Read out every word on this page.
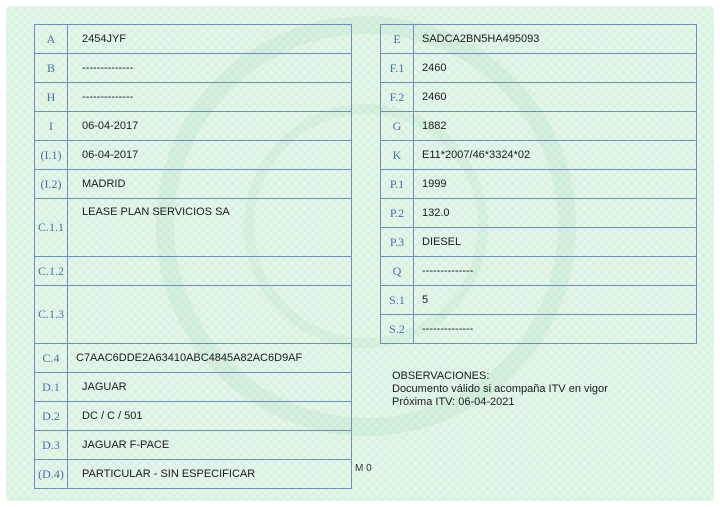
A	2454JYF
B	--------------
H	--------------
I	06-04-2017
(I.1)	06-04-2017
(I.2)	MADRID
C.1.1	LEASE PLAN SERVICIOS SA
C.1.2	
C.1.3	
C.4	C7AAC6DDE2A63410ABC4845A82AC6D9AF
D.1	JAGUAR
D.2	DC / C / 501
D.3	JAGUAR F-PACE
(D.4)	PARTICULAR - SIN ESPECIFICAR
E	SADCA2BN5HA495093
F.1	2460
F.2	2460
G	1882
K	E11*2007/46*3324*02
P.1	1999
P.2	132.0
P.3	DIESEL
Q	--------------
S.1	5
S.2	--------------
OBSERVACIONES:
Documento válido si acompaña ITV en vigor
Próxima ITV: 06-04-2021
M 0
